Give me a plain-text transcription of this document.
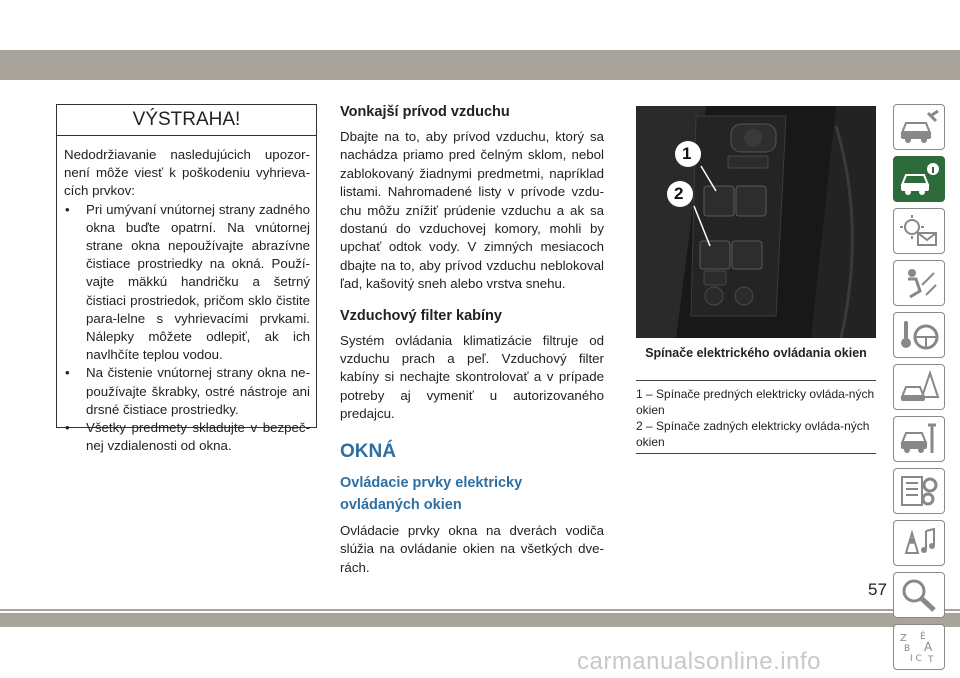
VÝSTRAHA!

Nedodržiavanie nasledujúcich upozor-není môže viesť k poškodeniu vyhrieva-cích prvkov:

• Pri umývaní vnútornej strany zadného okna buďte opatrní. Na vnútornej strane okna nepoužívajte abrazívne čistiace prostriedky na okná. Použí-vajte mäkkú handričku a šetrný čistiaci prostriedok, pričom sklo čistite para-lelne s vyhrievacími prvkami. Nálepky môžete odlepiť, ak ich navlhčíte teplou vodou.
• Na čistenie vnútornej strany okna ne-používajte škrabky, ostré nástroje ani drsné čistiace prostriedky.
• Všetky predmety skladujte v bezpeč-nej vzdialenosti od okna.
Vonkajší prívod vzduchu

Dbajte na to, aby prívod vzduchu, ktorý sa nachádza priamo pred čelným sklom, nebol zablokovaný žiadnymi predmetmi, napríklad listami. Nahromadené listy v prívode vzdu-chu môžu znížiť prúdenie vzduchu a ak sa dostanú do vzduchovej komory, mohli by upchať odtok vody. V zimných mesiacoch dbajte na to, aby prívod vzduchu neblokoval ľad, kašovitý sneh alebo vrstva snehu.

Vzduchový filter kabíny

Systém ovládania klimatizácie filtruje od vzduchu prach a peľ. Vzduchový filter kabíny si nechajte skontrolovať a v prípade potreby aj vymeniť u autorizovaného predajcu.

OKNÁ
Ovládacie prvky elektricky ovládaných okien

Ovládacie prvky okna na dverách vodiča slúžia na ovládanie okien na všetkých dve-rách.

1
2
Spínače elektrického ovládania okien

1 – Spínače predných elektricky ovláda-ných okien

2 – Spínače zadných elektricky ovláda-ných okien

Z É
B A
I C T
57
carmanualsonline.info
